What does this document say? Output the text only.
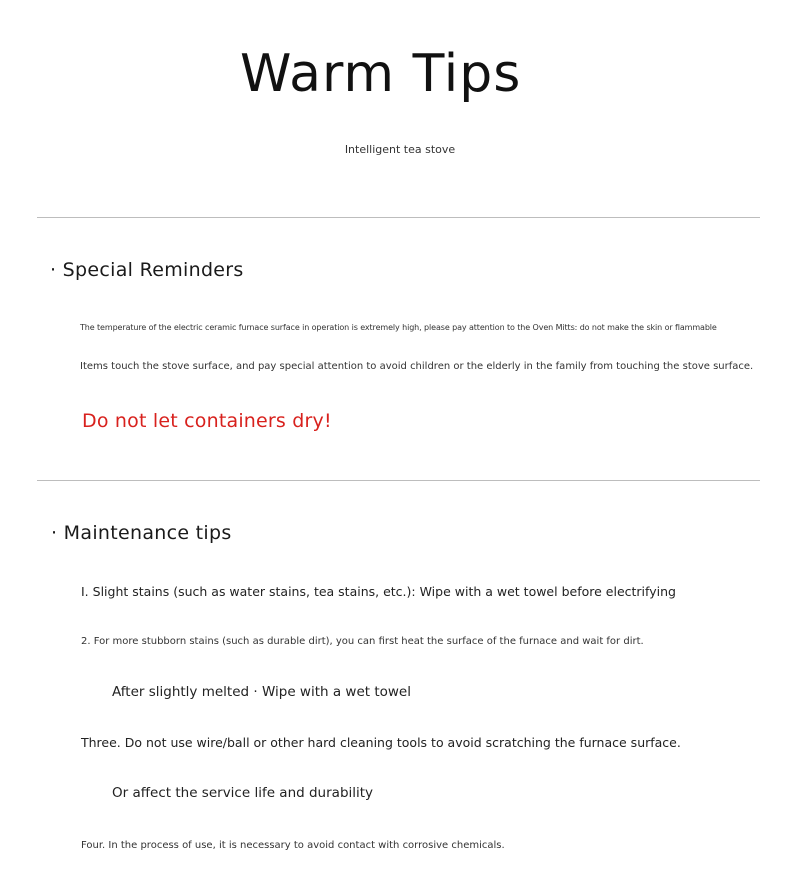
Warm Tips
Intelligent tea stove
· Special Reminders
The temperature of the electric ceramic furnace surface in operation is extremely high, please pay attention to the Oven Mitts: do not make the skin or flammable
Items touch the stove surface, and pay special attention to avoid children or the elderly in the family from touching the stove surface.
Do not let containers dry!
· Maintenance tips
I. Slight stains (such as water stains, tea stains, etc.): Wipe with a wet towel before electrifying
2. For more stubborn stains (such as durable dirt), you can first heat the surface of the furnace and wait for dirt.
After slightly melted · Wipe with a wet towel
Three. Do not use wire/ball or other hard cleaning tools to avoid scratching the furnace surface.
Or affect the service life and durability
Four. In the process of use, it is necessary to avoid contact with corrosive chemicals.
